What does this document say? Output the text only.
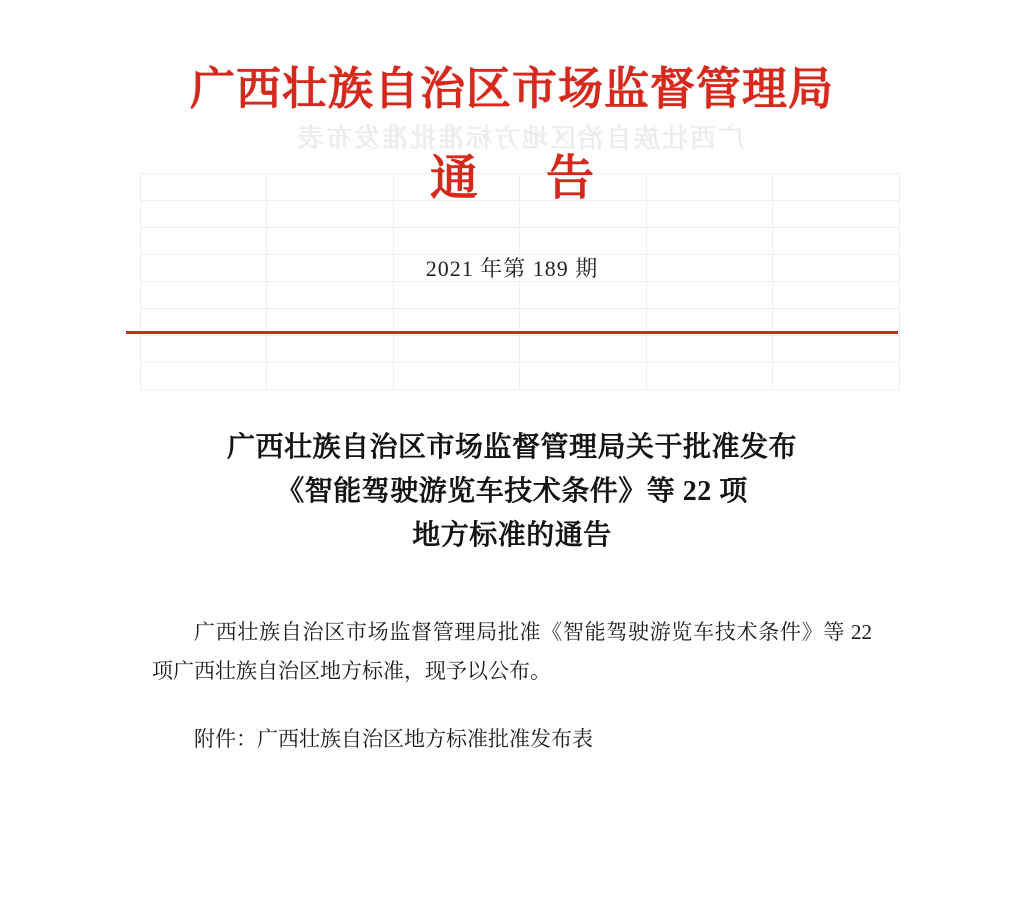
广西壮族自治区地方标准批准发布表

广西壮族自治区市场监督管理局
通 告
2021 年第 189 期
广西壮族自治区市场监督管理局关于批准发布
《智能驾驶游览车技术条件》等 22 项
地方标准的通告

广西壮族自治区市场监督管理局批准《智能驾驶游览车技术条件》等 22 项广西壮族自治区地方标准，现予以公布。

附件：广西壮族自治区地方标准批准发布表
